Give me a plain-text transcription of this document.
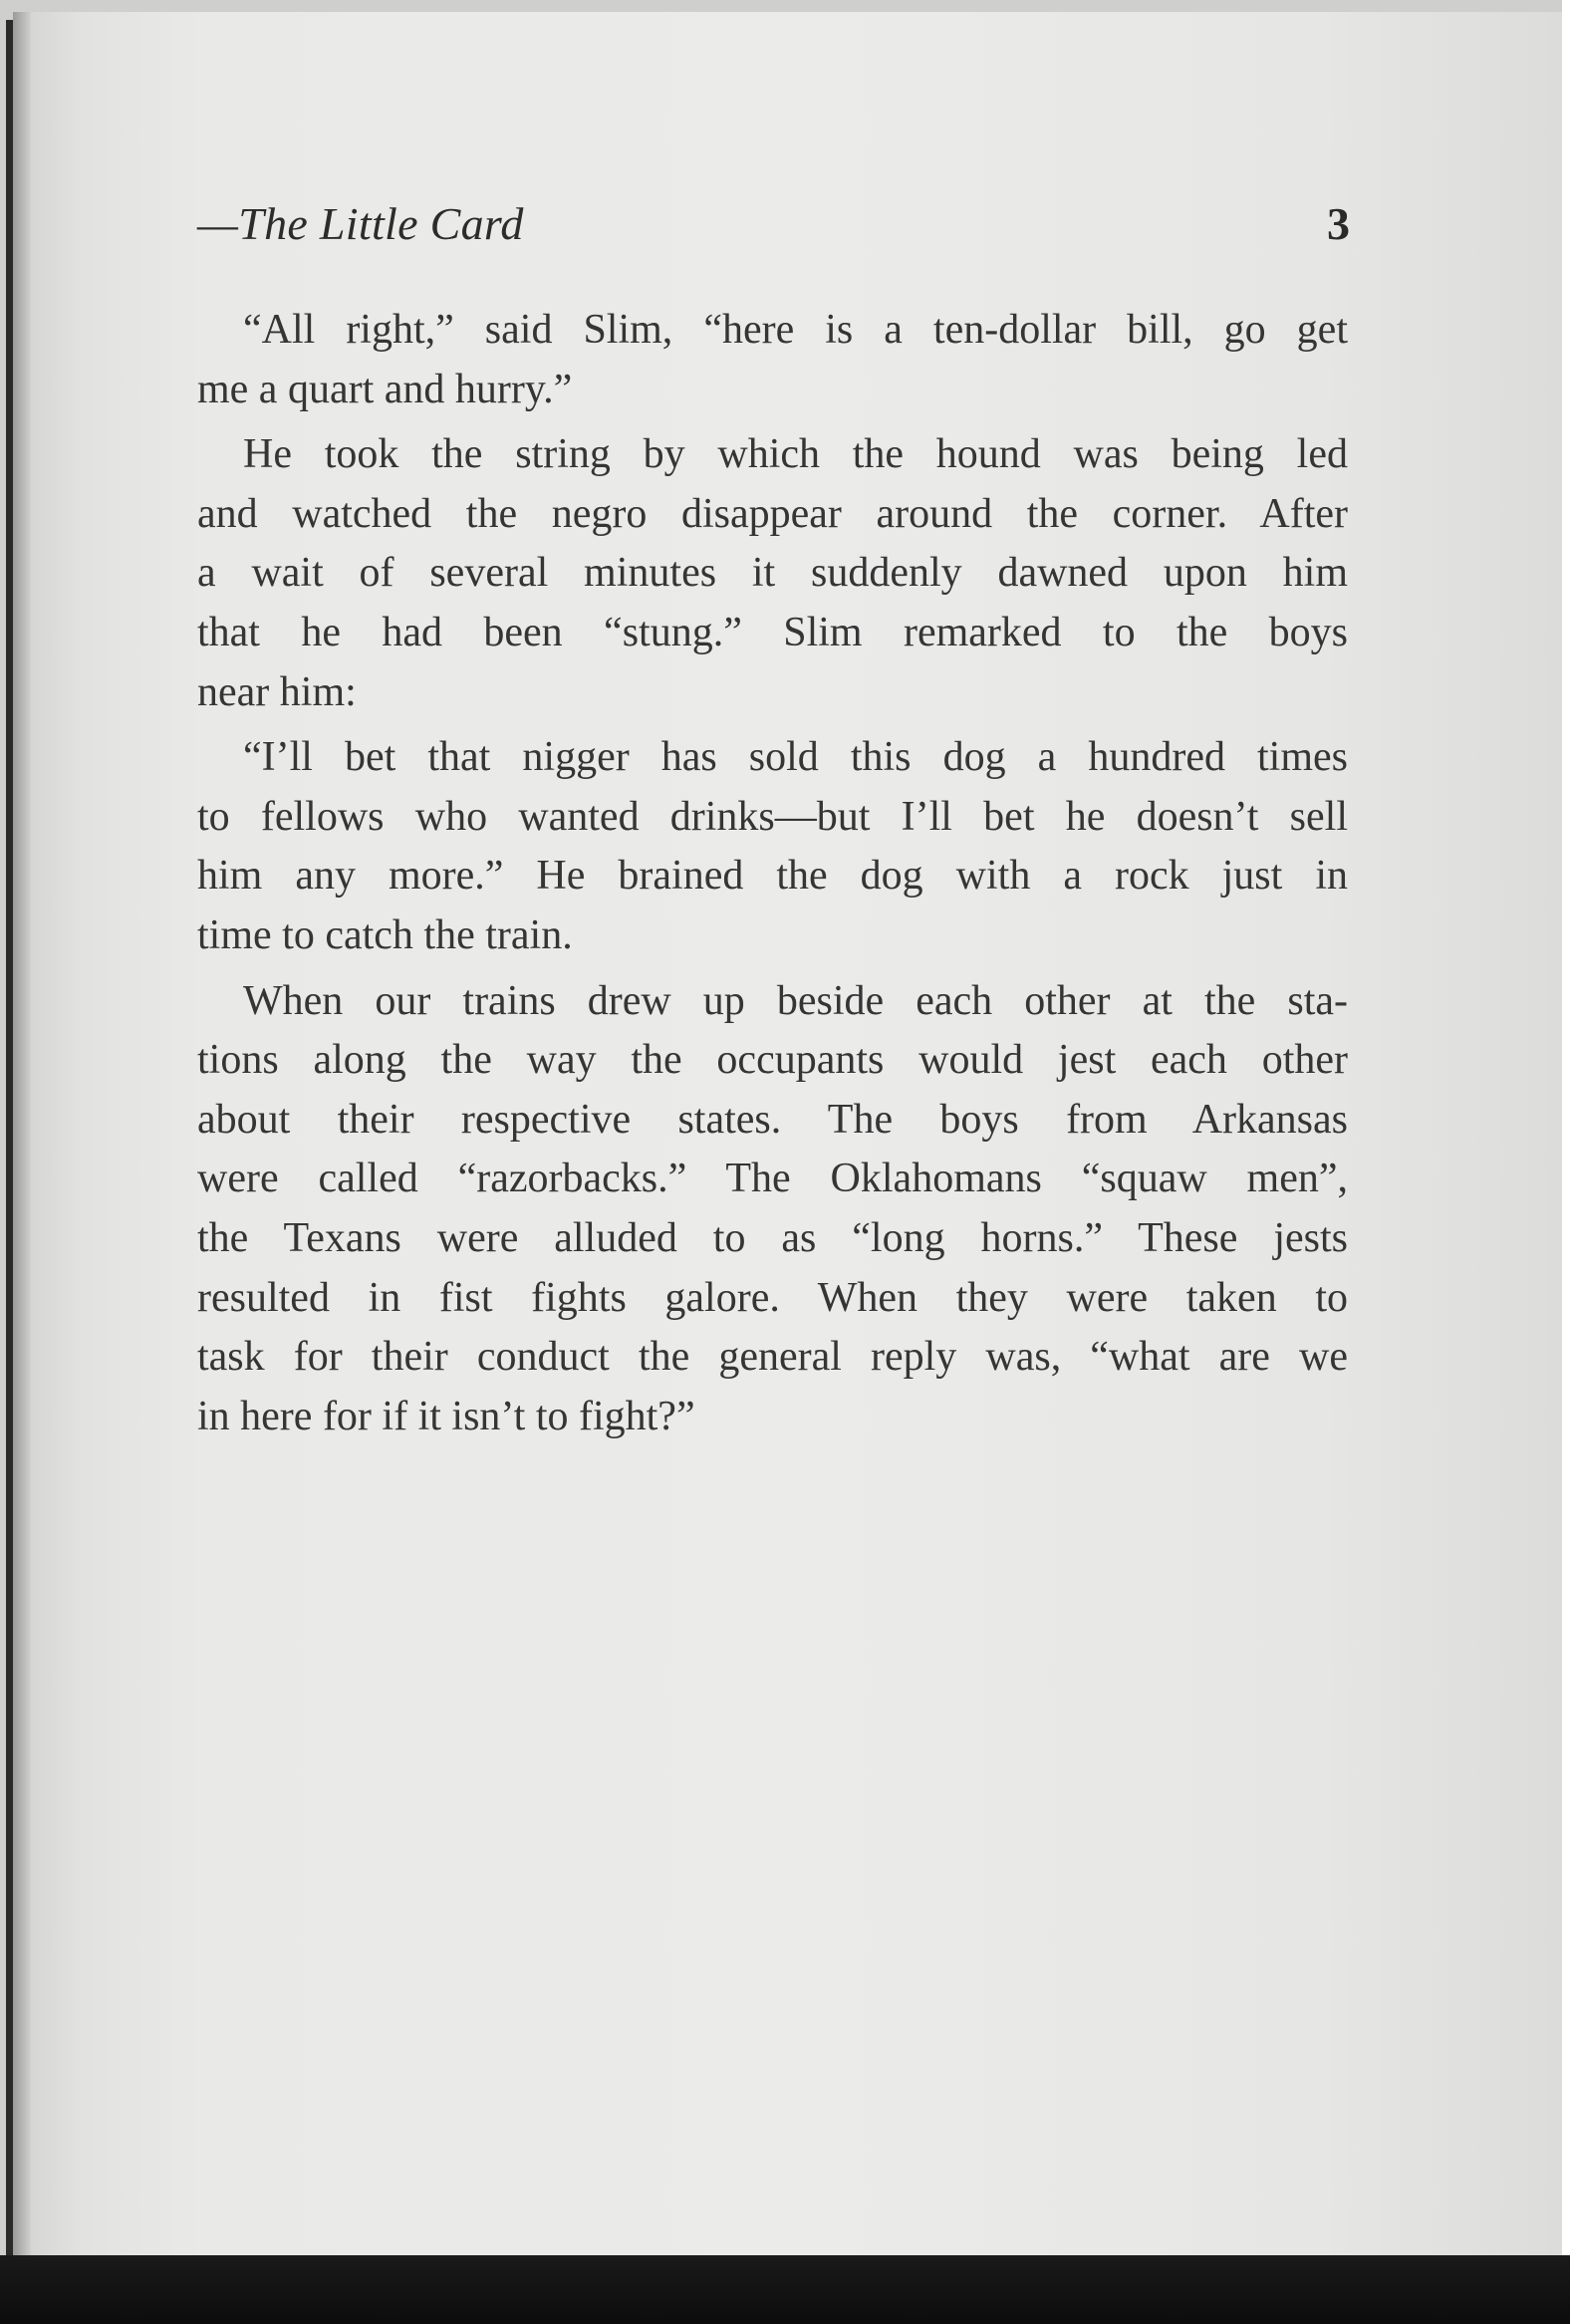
—The Little Card	3
“All right,” said Slim, “here is a ten-dollar bill, go get
me a quart and hurry.”
He took the string by which the hound was being led
and watched the negro disappear around the corner. After
a wait of several minutes it suddenly dawned upon him
that he had been “stung.” Slim remarked to the boys
near him:
“I’ll bet that nigger has sold this dog a hundred times
to fellows who wanted drinks—but I’ll bet he doesn’t sell
him any more.” He brained the dog with a rock just in
time to catch the train.
When our trains drew up beside each other at the sta-
tions along the way the occupants would jest each other
about their respective states. The boys from Arkansas
were called “razorbacks.” The Oklahomans “squaw men”,
the Texans were alluded to as “long horns.” These jests
resulted in fist fights galore. When they were taken to
task for their conduct the general reply was, “what are we
in here for if it isn’t to fight?”
